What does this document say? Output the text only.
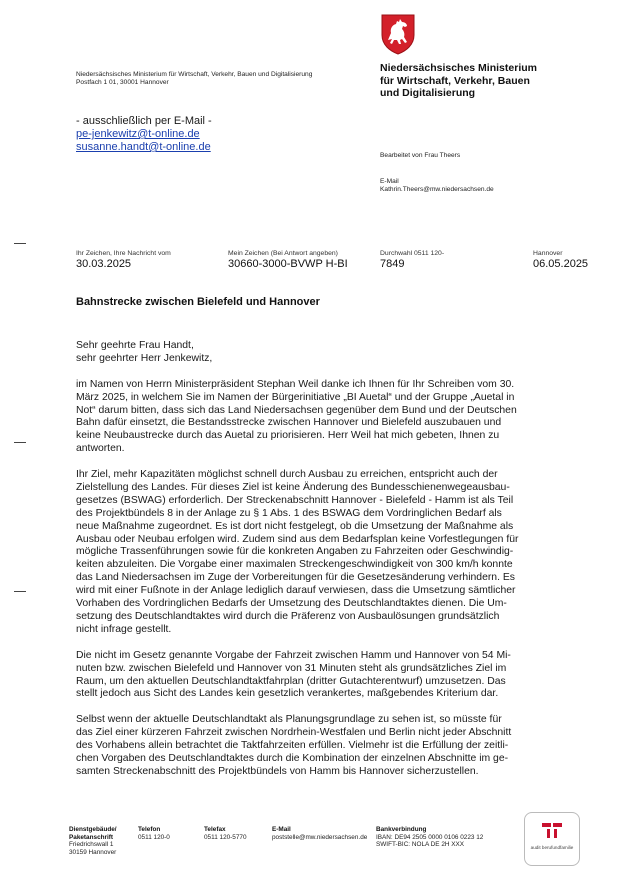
Niedersächsisches Ministerium
für Wirtschaft, Verkehr, Bauen
und Digitalisierung
Niedersächsisches Ministerium für Wirtschaft, Verkehr, Bauen und Digitalisierung
Postfach 1 01, 30001 Hannover
- ausschließlich per E-Mail -
pe-jenkewitz@t-online.de
susanne.handt@t-online.de
Bearbeitet von Frau Theers
E-Mail
Kathrin.Theers@mw.niedersachsen.de
Ihr Zeichen, Ihre Nachricht vom
30.03.2025
Mein Zeichen (Bei Antwort angeben)
30660-3000-BVWP H-BI
Durchwahl 0511 120-
7849
Hannover
06.05.2025
Bahnstrecke zwischen Bielefeld und Hannover

Sehr geehrte Frau Handt,
sehr geehrter Herr Jenkewitz,

im Namen von Herrn Ministerpräsident Stephan Weil danke ich Ihnen für Ihr Schreiben vom 30.
März 2025, in welchem Sie im Namen der Bürgerinitiative „BI Auetal“ und der Gruppe „Auetal in
Not“ darum bitten, dass sich das Land Niedersachsen gegenüber dem Bund und der Deutschen
Bahn dafür einsetzt, die Bestandsstrecke zwischen Hannover und Bielefeld auszubauen und
keine Neubaustrecke durch das Auetal zu priorisieren. Herr Weil hat mich gebeten, Ihnen zu
antworten.

Ihr Ziel, mehr Kapazitäten möglichst schnell durch Ausbau zu erreichen, entspricht auch der
Zielstellung des Landes. Für dieses Ziel ist keine Änderung des Bundesschienenwegeausbau-
gesetzes (BSWAG) erforderlich. Der Streckenabschnitt Hannover - Bielefeld - Hamm ist als Teil
des Projektbündels 8 in der Anlage zu § 1 Abs. 1 des BSWAG dem Vordringlichen Bedarf als
neue Maßnahme zugeordnet. Es ist dort nicht festgelegt, ob die Umsetzung der Maßnahme als
Ausbau oder Neubau erfolgen wird. Zudem sind aus dem Bedarfsplan keine Vorfestlegungen für
mögliche Trassenführungen sowie für die konkreten Angaben zu Fahrzeiten oder Geschwindig-
keiten abzuleiten. Die Vorgabe einer maximalen Streckengeschwindigkeit von 300 km/h konnte
das Land Niedersachsen im Zuge der Vorbereitungen für die Gesetzesänderung verhindern. Es
wird mit einer Fußnote in der Anlage lediglich darauf verwiesen, dass die Umsetzung sämtlicher
Vorhaben des Vordringlichen Bedarfs der Umsetzung des Deutschlandtaktes dienen. Die Um-
setzung des Deutschlandtaktes wird durch die Präferenz von Ausbaulösungen grundsätzlich
nicht infrage gestellt.

Die nicht im Gesetz genannte Vorgabe der Fahrzeit zwischen Hamm und Hannover von 54 Mi-
nuten bzw. zwischen Bielefeld und Hannover von 31 Minuten steht als grundsätzliches Ziel im
Raum, um den aktuellen Deutschlandtaktfahrplan (dritter Gutachterentwurf) umzusetzen. Das
stellt jedoch aus Sicht des Landes kein gesetzlich verankertes, maßgebendes Kriterium dar.

Selbst wenn der aktuelle Deutschlandtakt als Planungsgrundlage zu sehen ist, so müsste für
das Ziel einer kürzeren Fahrzeit zwischen Nordrhein-Westfalen und Berlin nicht jeder Abschnitt
des Vorhabens allein betrachtet die Taktfahrzeiten erfüllen. Vielmehr ist die Erfüllung der zeitli-
chen Vorgaben des Deutschlandtaktes durch die Kombination der einzelnen Abschnitte im ge-
samten Streckenabschnitt des Projektbündels von Hamm bis Hannover sicherzustellen.

Dienstgebäude/
Paketanschrift
Friedrichswall 1
30159 Hannover
Telefon
0511 120-0
Telefax
0511 120-5770
E-Mail
poststelle@mw.niedersachsen.de
Bankverbindung
IBAN: DE94 2505 0000 0106 0223 12
SWIFT-BIC: NOLA DE 2H XXX	audit berufundfamilie
